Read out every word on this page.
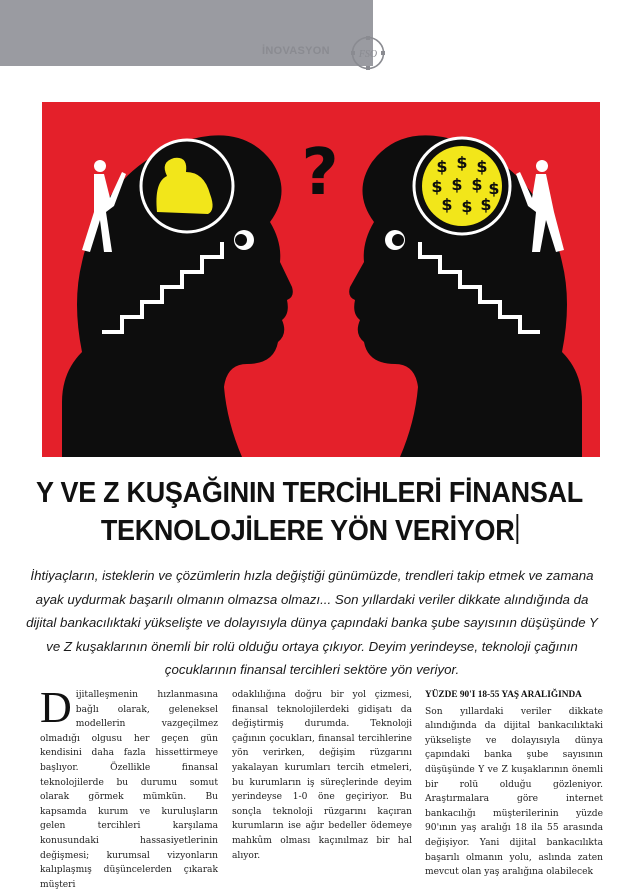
İNOVASYON	FSO
$ $ $
$ $ $ $
$ $ $
?
Y VE Z KUŞAĞININ TERCİHLERİ FİNANSAL
TEKNOLOJİLERE YÖN VERİYOR
İhtiyaçların, isteklerin ve çözümlerin hızla değiştiği günümüzde, trendleri takip etmek ve zamana ayak uydurmak başarılı olmanın olmazsa olmazı... Son yıllardaki veriler dikkate alındığında da dijital bankacılıktaki yükselişte ve dolayısıyla dünya çapındaki banka şube sayısının düşüşünde Y ve Z kuşaklarının önemli bir rolü olduğu ortaya çıkıyor. Deyim yerindeyse, teknoloji çağının çocuklarının finansal tercihleri sektöre yön veriyor.
D ijitalleşmenin hızlanmasına bağlı olarak, geleneksel modellerin vazgeçilmez olmadığı olgusu her geçen gün kendisini daha fazla hissettirmeye başlıyor. Özellikle finansal teknolojilerde bu durumu somut olarak görmek mümkün. Bu kapsamda kurum ve kuruluşların gelen tercihleri karşılama konusundaki hassasiyetlerinin değişmesi; kurumsal vizyonların kalıplaşmış düşüncelerden çıkarak müşteri

odaklılığına doğru bir yol çizmesi, finansal teknolojilerdeki gidişatı da değiştirmiş durumda. Teknoloji çağının çocukları, finansal tercihlerine yön verirken, değişim rüzgarını yakalayan kurumları tercih etmeleri, bu kurumların iş süreçlerinde deyim yerindeyse 1-0 öne geçiriyor. Bu sonçla teknoloji rüzgarını kaçıran kurumların ise ağır bedeller ödemeye mahkûm olması kaçınılmaz bir hal alıyor.

YÜZDE 90'I 18-55 YAŞ ARALIĞINDA

Son yıllardaki veriler dikkate alındığında da dijital bankacılıktaki yükselişte ve dolayısıyla dünya çapındaki banka şube sayısının düşüşünde Y ve Z kuşaklarının önemli bir rolü olduğu gözleniyor. Araştırmalara göre internet bankacılığı müşterilerinin yüzde 90'ının yaş aralığı 18 ila 55 arasında değişiyor. Yani dijital bankacılıkta başarılı olmanın yolu, aslında zaten mevcut olan yaş aralığına olabilecek
